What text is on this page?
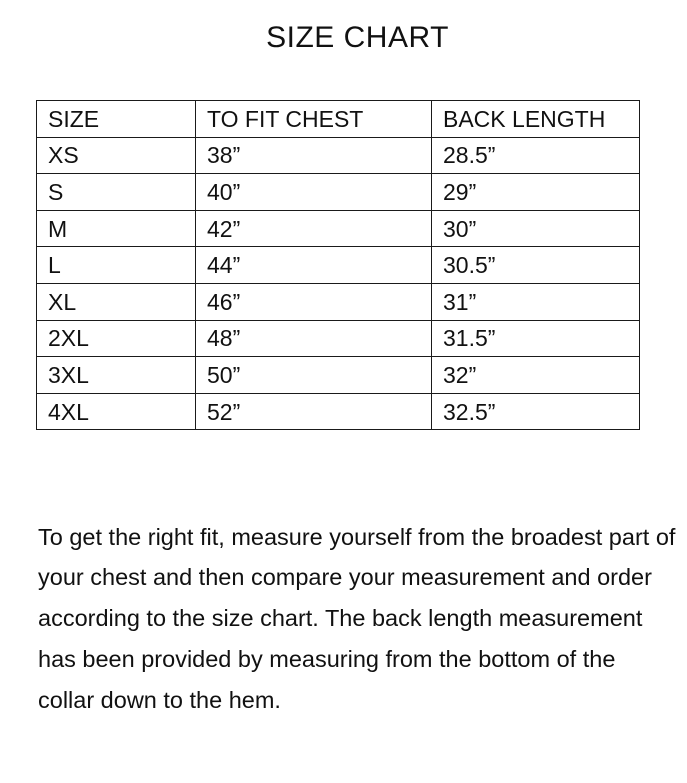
SIZE CHART
SIZE	TO FIT CHEST	BACK LENGTH
XS	38”	28.5”
S	40”	29”
M	42”	30”
L	44”	30.5”
XL	46”	31”
2XL	48”	31.5”
3XL	50”	32”
4XL	52”	32.5”

To get the right fit, measure yourself from the broadest part of your chest and then compare your measurement and order according to the size chart. The back length measurement has been provided by measuring from the bottom of the collar down to the hem.
